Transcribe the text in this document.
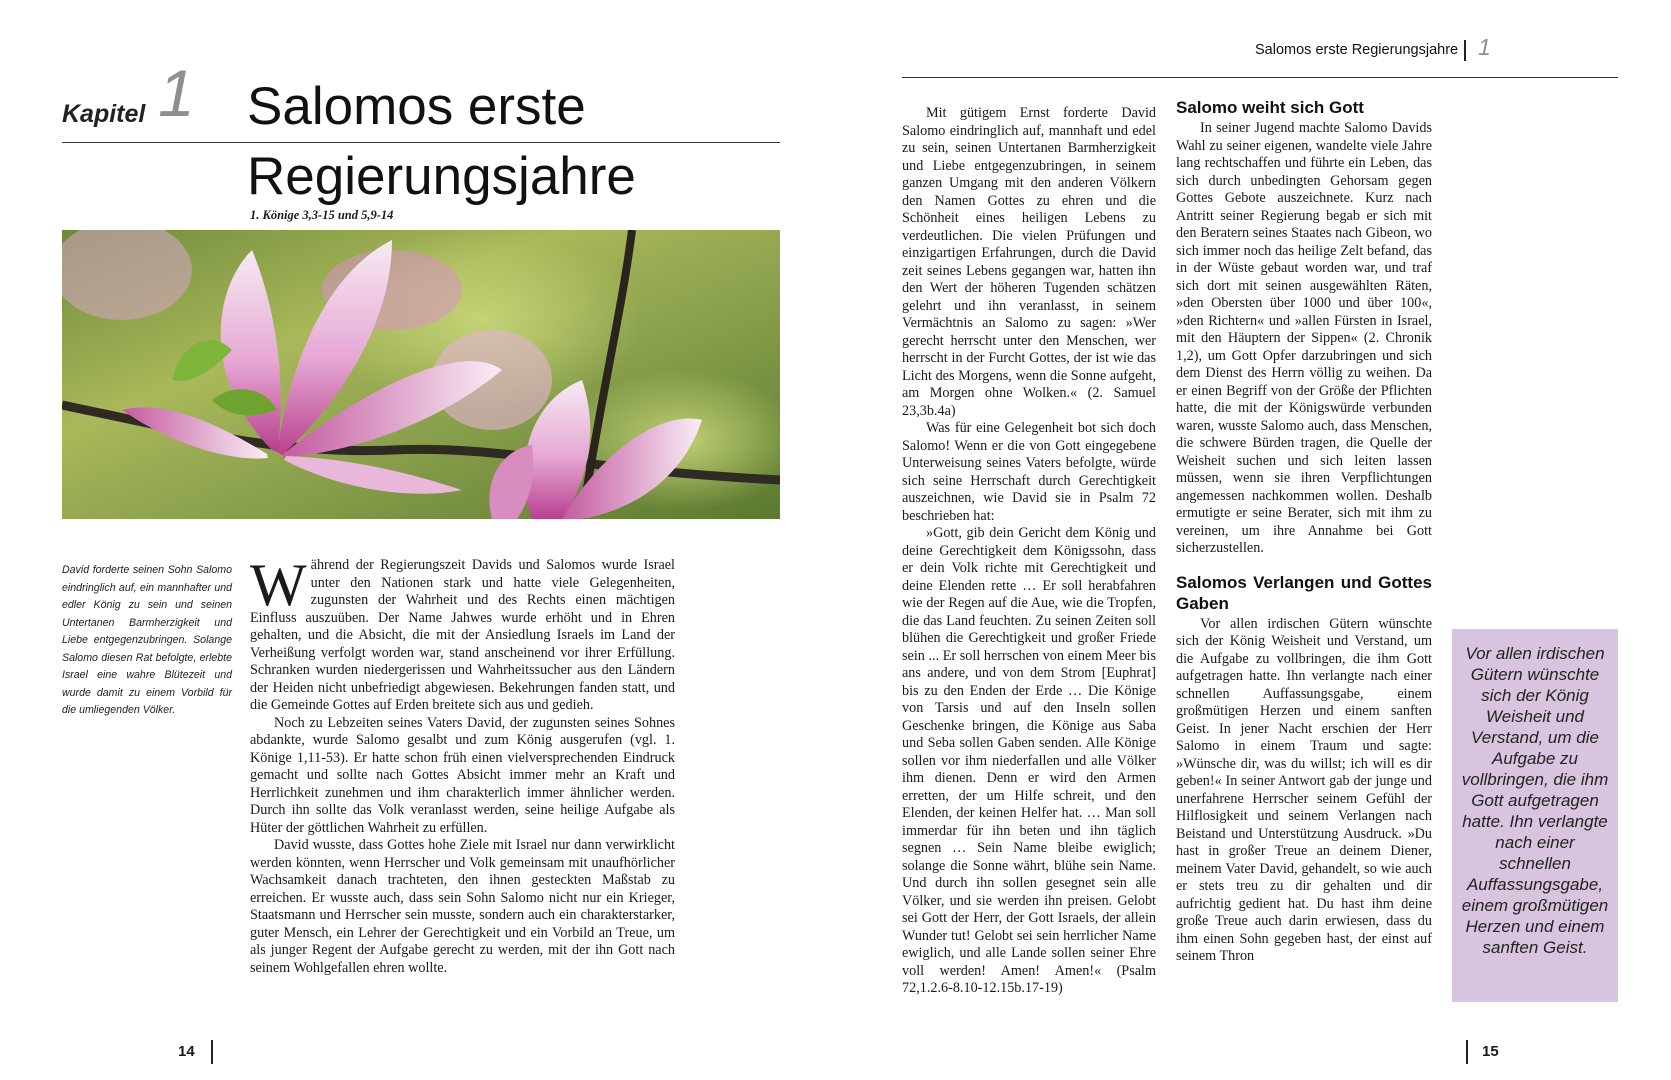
Kapitel 1 Salomos erste Regierungsjahre
1. Könige 3,3-15 und 5,9-14
David forderte seinen Sohn Salomo eindringlich auf, ein mannhafter und edler König zu sein und seinen Untertanen Barmherzigkeit und Liebe entgegenzubringen. Solange Salomo diesen Rat befolgte, erlebte Israel eine wahre Blütezeit und wurde damit zu einem Vorbild für die umliegenden Völker.

Während der Regierungszeit Davids und Salomos wurde Israel unter den Nationen stark und hatte viele Gelegenheiten, zugunsten der Wahrheit und des Rechts einen mächtigen Einfluss auszuüben. Der Name Jahwes wurde erhöht und in Ehren gehalten, und die Absicht, die mit der Ansiedlung Israels im Land der Verheißung verfolgt worden war, stand anscheinend vor ihrer Erfüllung. Schranken wurden niedergerissen und Wahrheitssucher aus den Ländern der Heiden nicht unbefriedigt abgewiesen. Bekehrungen fanden statt, und die Gemeinde Gottes auf Erden breitete sich aus und gedieh.

Noch zu Lebzeiten seines Vaters David, der zugunsten seines Sohnes abdankte, wurde Salomo gesalbt und zum König ausgerufen (vgl. 1. Könige 1,11-53). Er hatte schon früh einen vielversprechenden Eindruck gemacht und sollte nach Gottes Absicht immer mehr an Kraft und Herrlichkeit zunehmen und ihm charakterlich immer ähnlicher werden. Durch ihn sollte das Volk veranlasst werden, seine heilige Aufgabe als Hüter der göttlichen Wahrheit zu erfüllen.

David wusste, dass Gottes hohe Ziele mit Israel nur dann verwirklicht werden könnten, wenn Herrscher und Volk gemeinsam mit unaufhörlicher Wachsamkeit danach trachteten, den ihnen gesteckten Maßstab zu erreichen. Er wusste auch, dass sein Sohn Salomo nicht nur ein Krieger, Staatsmann und Herrscher sein musste, sondern auch ein charakterstarker, guter Mensch, ein Lehrer der Gerechtigkeit und ein Vorbild an Treue, um als junger Regent der Aufgabe gerecht zu werden, mit der ihn Gott nach seinem Wohlgefallen ehren wollte.

14
Salomos erste Regierungsjahre 1

Mit gütigem Ernst forderte David Salomo eindringlich auf, mannhaft und edel zu sein, seinen Untertanen Barmherzigkeit und Liebe entgegenzubringen, in seinem ganzen Umgang mit den anderen Völkern den Namen Gottes zu ehren und die Schönheit eines heiligen Lebens zu verdeutlichen. Die vielen Prüfungen und einzigartigen Erfahrungen, durch die David zeit seines Lebens gegangen war, hatten ihn den Wert der höheren Tugenden schätzen gelehrt und ihn veranlasst, in seinem Vermächtnis an Salomo zu sagen: »Wer gerecht herrscht unter den Menschen, wer herrscht in der Furcht Gottes, der ist wie das Licht des Morgens, wenn die Sonne aufgeht, am Morgen ohne Wolken.« (2. Samuel 23,3b.4a)

Was für eine Gelegenheit bot sich doch Salomo! Wenn er die von Gott eingegebene Unterweisung seines Vaters befolgte, würde sich seine Herrschaft durch Gerechtigkeit auszeichnen, wie David sie in Psalm 72 beschrieben hat:

»Gott, gib dein Gericht dem König und deine Gerechtigkeit dem Königssohn, dass er dein Volk richte mit Gerechtigkeit und deine Elenden rette … Er soll herabfahren wie der Regen auf die Aue, wie die Tropfen, die das Land feuchten. Zu seinen Zeiten soll blühen die Gerechtigkeit und großer Friede sein ... Er soll herrschen von einem Meer bis ans andere, und von dem Strom [Euphrat] bis zu den Enden der Erde … Die Könige von Tarsis und auf den Inseln sollen Geschenke bringen, die Könige aus Saba und Seba sollen Gaben senden. Alle Könige sollen vor ihm niederfallen und alle Völker ihm dienen. Denn er wird den Armen erretten, der um Hilfe schreit, und den Elenden, der keinen Helfer hat. … Man soll immerdar für ihn beten und ihn täglich segnen … Sein Name bleibe ewiglich; solange die Sonne währt, blühe sein Name. Und durch ihn sollen gesegnet sein alle Völker, und sie werden ihn preisen. Gelobt sei Gott der Herr, der Gott Israels, der allein Wunder tut! Gelobt sei sein herrlicher Name ewiglich, und alle Lande sollen seiner Ehre voll werden! Amen! Amen!« (Psalm 72,1.2.6-8.10-12.15b.17-19)

Salomo weiht sich Gott

In seiner Jugend machte Salomo Davids Wahl zu seiner eigenen, wandelte viele Jahre lang rechtschaffen und führte ein Leben, das sich durch unbedingten Gehorsam gegen Gottes Gebote auszeichnete. Kurz nach Antritt seiner Regierung begab er sich mit den Beratern seines Staates nach Gibeon, wo sich immer noch das heilige Zelt befand, das in der Wüste gebaut worden war, und traf sich dort mit seinen ausgewählten Räten, »den Obersten über 1000 und über 100«, »den Richtern« und »allen Fürsten in Israel, mit den Häuptern der Sippen« (2. Chronik 1,2), um Gott Opfer darzubringen und sich dem Dienst des Herrn völlig zu weihen. Da er einen Begriff von der Größe der Pflichten hatte, die mit der Königswürde verbunden waren, wusste Salomo auch, dass Menschen, die schwere Bürden tragen, die Quelle der Weisheit suchen und sich leiten lassen müssen, wenn sie ihren Verpflichtungen angemessen nachkommen wollen. Deshalb ermutigte er seine Berater, sich mit ihm zu vereinen, um ihre Annahme bei Gott sicherzustellen.

Salomos Verlangen und Gottes Gaben

Vor allen irdischen Gütern wünschte sich der König Weisheit und Verstand, um die Aufgabe zu vollbringen, die ihm Gott aufgetragen hatte. Ihn verlangte nach einer schnellen Auffassungsgabe, einem großmütigen Herzen und einem sanften Geist. In jener Nacht erschien der Herr Salomo in einem Traum und sagte: »Wünsche dir, was du willst; ich will es dir geben!« In seiner Antwort gab der junge und unerfahrene Herrscher seinem Gefühl der Hilflosigkeit und seinem Verlangen nach Beistand und Unterstützung Ausdruck. »Du hast in großer Treue an deinem Diener, meinem Vater David, gehandelt, so wie auch er stets treu zu dir gehalten und dir aufrichtig gedient hat. Du hast ihm deine große Treue auch darin erwiesen, dass du ihm einen Sohn gegeben hast, der einst auf seinem Thron

Vor allen irdischen Gütern wünschte sich der König Weisheit und Verstand, um die Aufgabe zu vollbringen, die ihm Gott aufgetragen hatte. Ihn verlangte nach einer schnellen Auffassungsgabe, einem großmütigen Herzen und einem sanften Geist.
15
